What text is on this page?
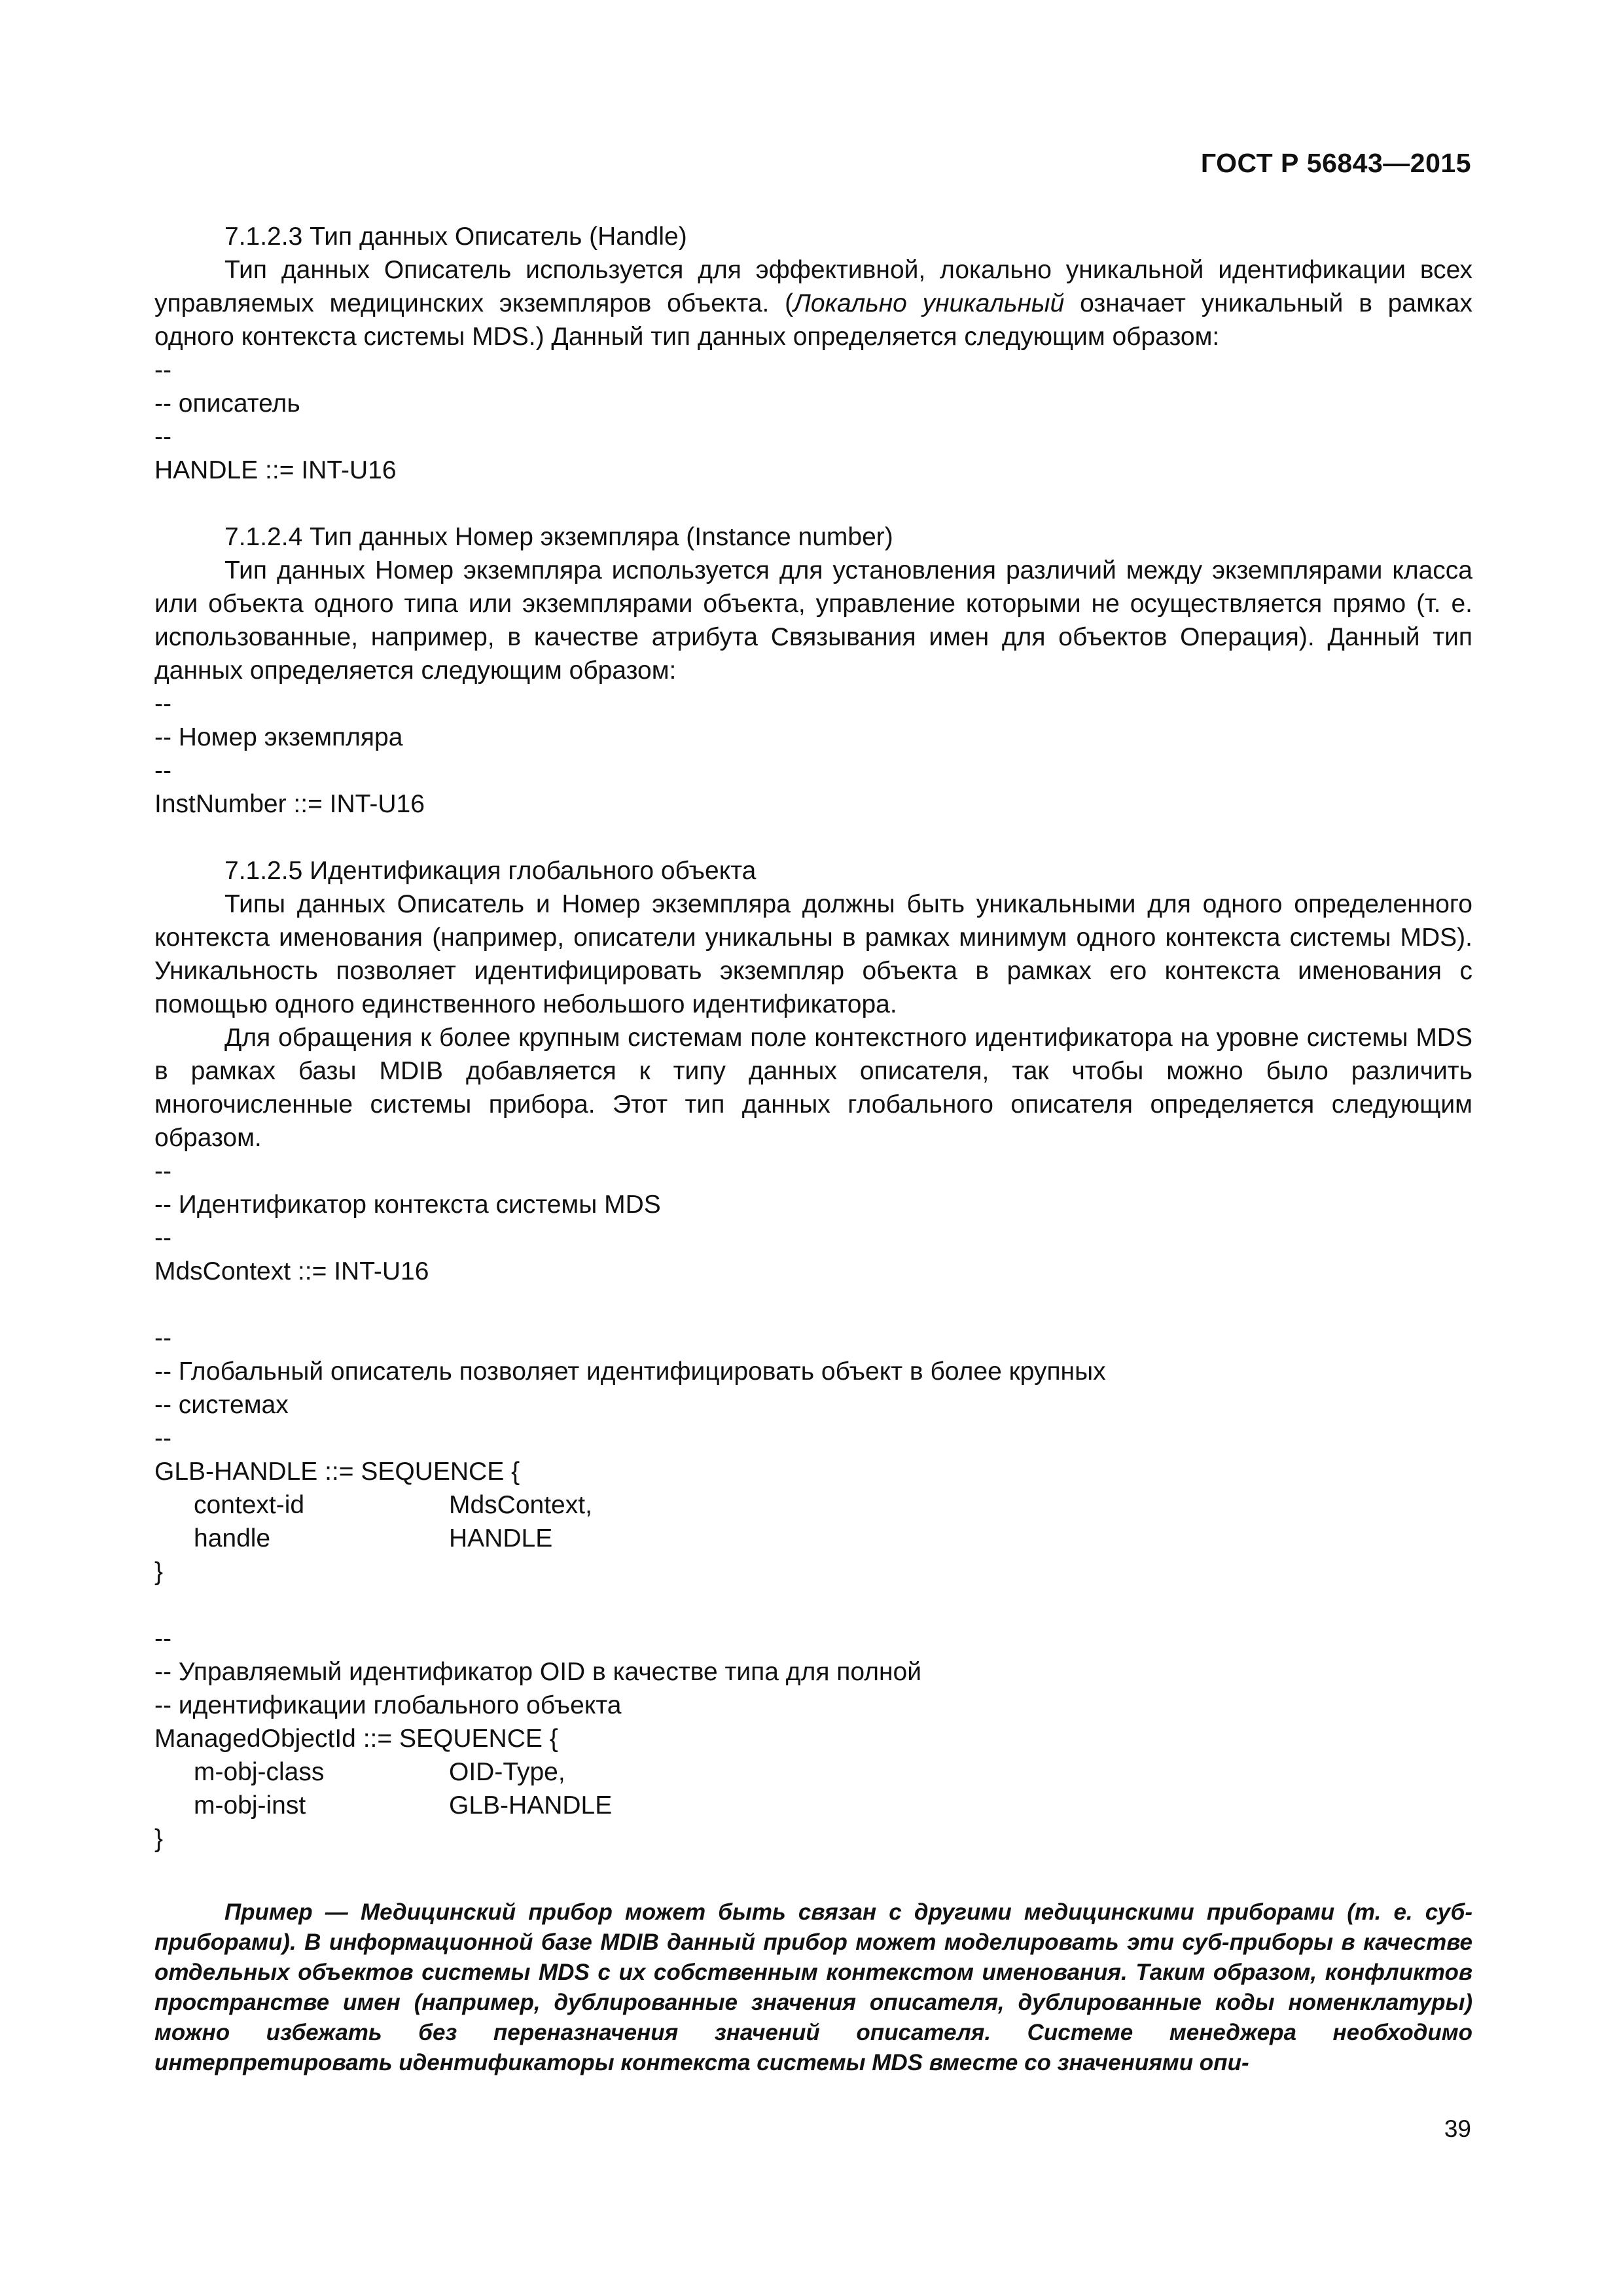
ГОСТ Р 56843—2015

7.1.2.3 Тип данных Описатель (Handle)

Тип данных Описатель используется для эффективной, локально уникальной идентификации всех управляемых медицинских экземпляров объекта. (Локально уникальный означает уникальный в рамках одного контекста системы MDS.) Данный тип данных определяется следующим образом:

--

-- описатель

--

HANDLE ::= INT-U16

7.1.2.4 Тип данных Номер экземпляра (Instance number)

Тип данных Номер экземпляра используется для установления различий между экземплярами класса или объекта одного типа или экземплярами объекта, управление которыми не осуществляется прямо (т. е. использованные, например, в качестве атрибута Связывания имен для объектов Операция). Данный тип данных определяется следующим образом:

--

-- Номер экземпляра

--

InstNumber ::= INT-U16

7.1.2.5 Идентификация глобального объекта

Типы данных Описатель и Номер экземпляра должны быть уникальными для одного определенного контекста именования (например, описатели уникальны в рамках минимум одного контекста системы MDS). Уникальность позволяет идентифицировать экземпляр объекта в рамках его контекста именования с помощью одного единственного небольшого идентификатора.

Для обращения к более крупным системам поле контекстного идентификатора на уровне системы MDS в рамках базы MDIB добавляется к типу данных описателя, так чтобы можно было различить многочисленные системы прибора. Этот тип данных глобального описателя определяется следующим образом.

--

-- Идентификатор контекста системы MDS

--

MdsContext ::= INT-U16

--

-- Глобальный описатель позволяет идентифицировать объект в более крупных

-- системах

--

GLB-HANDLE ::= SEQUENCE {

context-id	MdsContext,
handle	HANDLE

}

--

-- Управляемый идентификатор OID в качестве типа для полной

-- идентификации глобального объекта

ManagedObjectId ::= SEQUENCE {

m-obj-class	OID-Type,
m-obj-inst	GLB-HANDLE

}

Пример — Медицинский прибор может быть связан с другими медицинскими приборами (т. е. суб-приборами). В информационной базе MDIB данный прибор может моделировать эти суб-приборы в качестве отдельных объектов системы MDS с их собственным контекстом именования. Таким образом, конфликтов пространстве имен (например, дублированные значения описателя, дублированные коды номенклатуры) можно избежать без переназначения значений описателя. Системе менеджера необходимо интерпретировать идентификаторы контекста системы MDS вместе со значениями опи-

39
